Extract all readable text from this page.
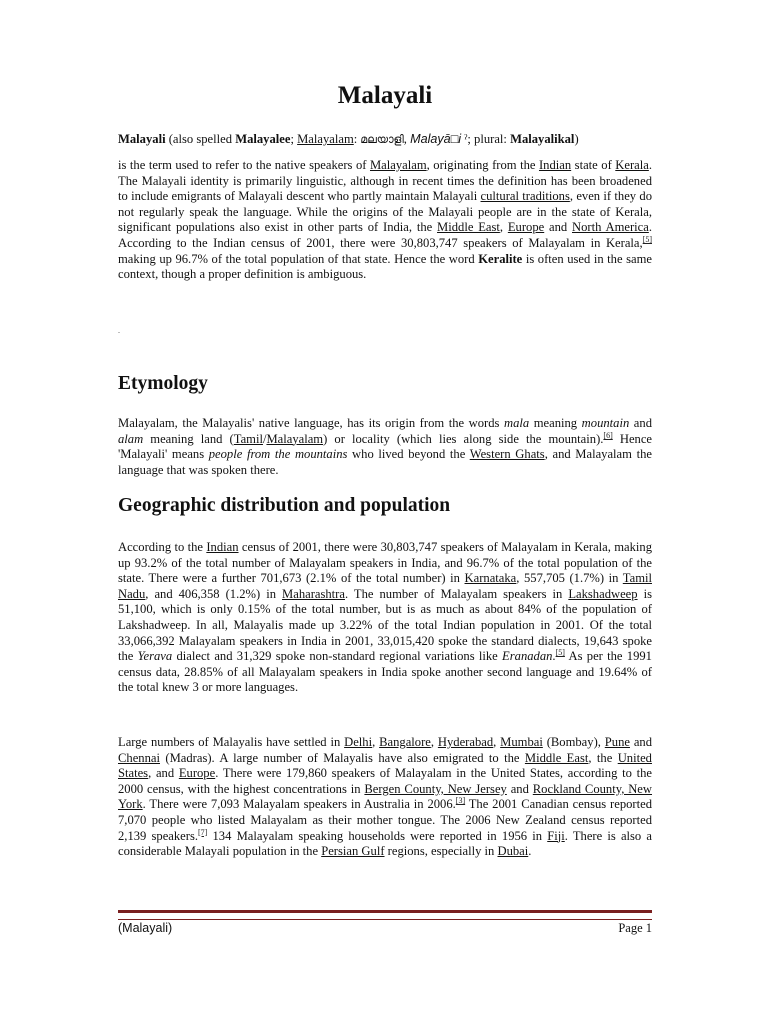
Malayali

Malayali (also spelled Malayalee; Malayalam: മലയാളി, Malayā□i ˀ; plural: Malayalikal)

is the term used to refer to the native speakers of Malayalam, originating from the Indian state of Kerala. The Malayali identity is primarily linguistic, although in recent times the definition has been broadened to include emigrants of Malayali descent who partly maintain Malayali cultural traditions, even if they do not regularly speak the language. While the origins of the Malayali people are in the state of Kerala, significant populations also exist in other parts of India, the Middle East, Europe and North America. According to the Indian census of 2001, there were 30,803,747 speakers of Malayalam in Kerala,[5] making up 96.7% of the total population of that state. Hence the word Keralite is often used in the same context, though a proper definition is ambiguous.

Etymology

Malayalam, the Malayalis' native language, has its origin from the words mala meaning mountain and alam meaning land (Tamil/Malayalam) or locality (which lies along side the mountain).[6] Hence 'Malayali' means people from the mountains who lived beyond the Western Ghats, and Malayalam the language that was spoken there.

Geographic distribution and population

According to the Indian census of 2001, there were 30,803,747 speakers of Malayalam in Kerala, making up 93.2% of the total number of Malayalam speakers in India, and 96.7% of the total population of the state. There were a further 701,673 (2.1% of the total number) in Karnataka, 557,705 (1.7%) in Tamil Nadu, and 406,358 (1.2%) in Maharashtra. The number of Malayalam speakers in Lakshadweep is 51,100, which is only 0.15% of the total number, but is as much as about 84% of the population of Lakshadweep. In all, Malayalis made up 3.22% of the total Indian population in 2001. Of the total 33,066,392 Malayalam speakers in India in 2001, 33,015,420 spoke the standard dialects, 19,643 spoke the Yerava dialect and 31,329 spoke non-standard regional variations like Eranadan.[5] As per the 1991 census data, 28.85% of all Malayalam speakers in India spoke another second language and 19.64% of the total knew 3 or more languages.

Large numbers of Malayalis have settled in Delhi, Bangalore, Hyderabad, Mumbai (Bombay), Pune and Chennai (Madras). A large number of Malayalis have also emigrated to the Middle East, the United States, and Europe. There were 179,860 speakers of Malayalam in the United States, according to the 2000 census, with the highest concentrations in Bergen County, New Jersey and Rockland County, New York. There were 7,093 Malayalam speakers in Australia in 2006.[3] The 2001 Canadian census reported 7,070 people who listed Malayalam as their mother tongue. The 2006 New Zealand census reported 2,139 speakers.[7] 134 Malayalam speaking households were reported in 1956 in Fiji. There is also a considerable Malayali population in the Persian Gulf regions, especially in Dubai.

.
(Malayali)	Page 1
